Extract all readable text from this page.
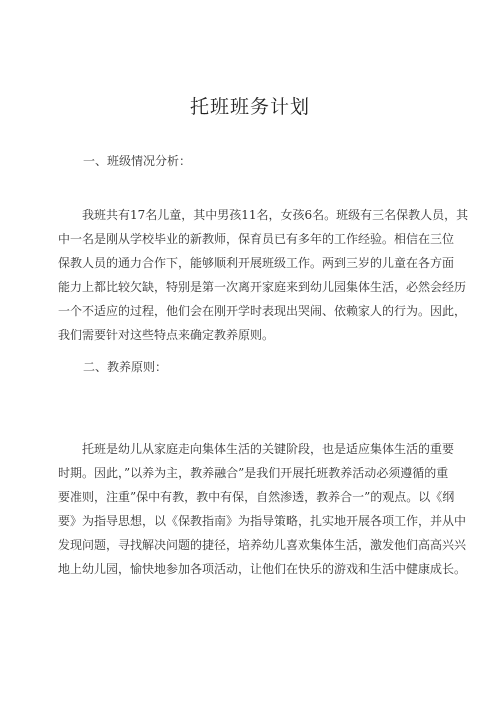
托班班务计划
一、班级情况分析：
我班共有17名儿童，其中男孩11名，女孩6名。班级有三名保教人员，其
中一名是刚从学校毕业的新教师，保育员已有多年的工作经验。相信在三位
保教人员的通力合作下，能够顺利开展班级工作。两到三岁的儿童在各方面
能力上都比较欠缺，特别是第一次离开家庭来到幼儿园集体生活，必然会经历
一个不适应的过程，他们会在刚开学时表现出哭闹、依赖家人的行为。因此，
我们需要针对这些特点来确定教养原则。
二、教养原则：
托班是幼儿从家庭走向集体生活的关键阶段，也是适应集体生活的重要
时期。因此，”以养为主，教养融合”是我们开展托班教养活动必须遵循的重
要准则，注重”保中有教，教中有保，自然渗透，教养合一”的观点。以《纲
要》为指导思想，以《保教指南》为指导策略，扎实地开展各项工作，并从中
发现问题，寻找解决问题的捷径，培养幼儿喜欢集体生活，激发他们高高兴兴
地上幼儿园，愉快地参加各项活动，让他们在快乐的游戏和生活中健康成长。
